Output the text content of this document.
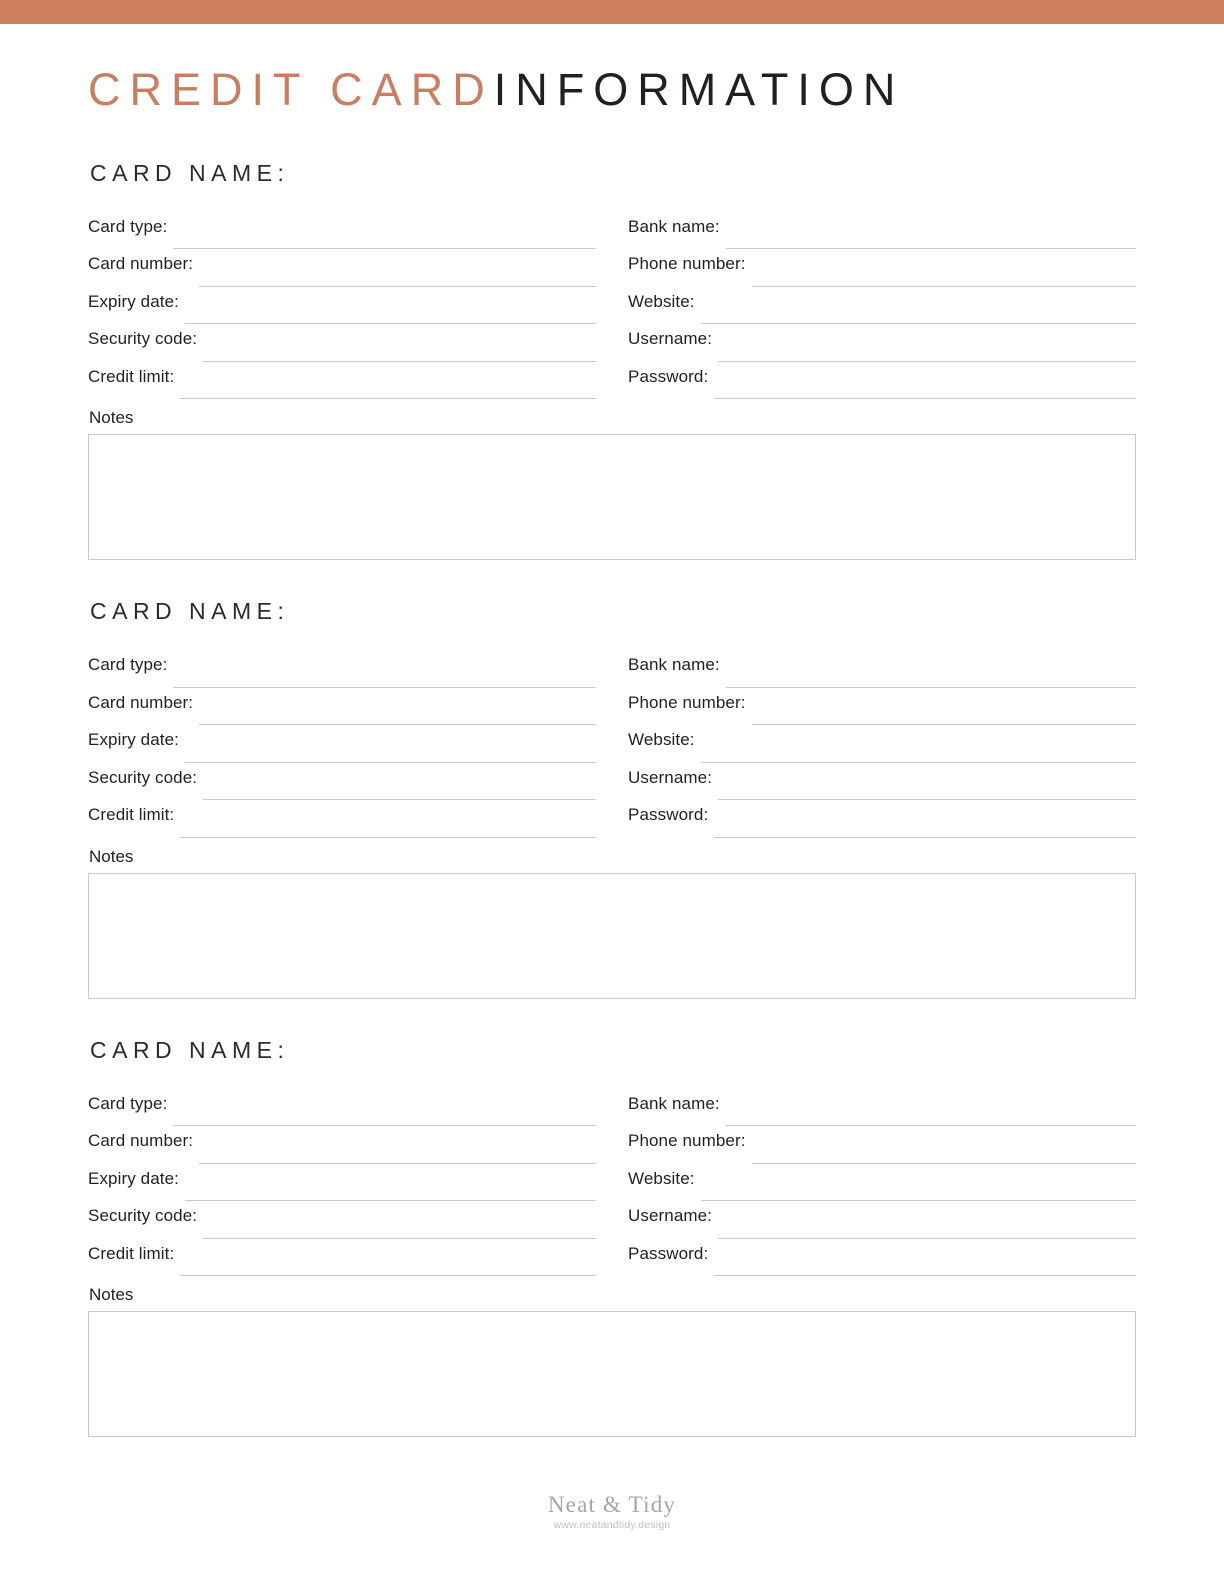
CREDIT CARDINFORMATION
CARD NAME:
Card type:
Card number:
Expiry date:
Security code:
Credit limit:
Bank name:
Phone number:
Website:
Username:
Password:
Notes
CARD NAME:
Card type:
Card number:
Expiry date:
Security code:
Credit limit:
Bank name:
Phone number:
Website:
Username:
Password:
Notes
CARD NAME:
Card type:
Card number:
Expiry date:
Security code:
Credit limit:
Bank name:
Phone number:
Website:
Username:
Password:
Notes
Neat & Tidy
www.neatandtidy.design
